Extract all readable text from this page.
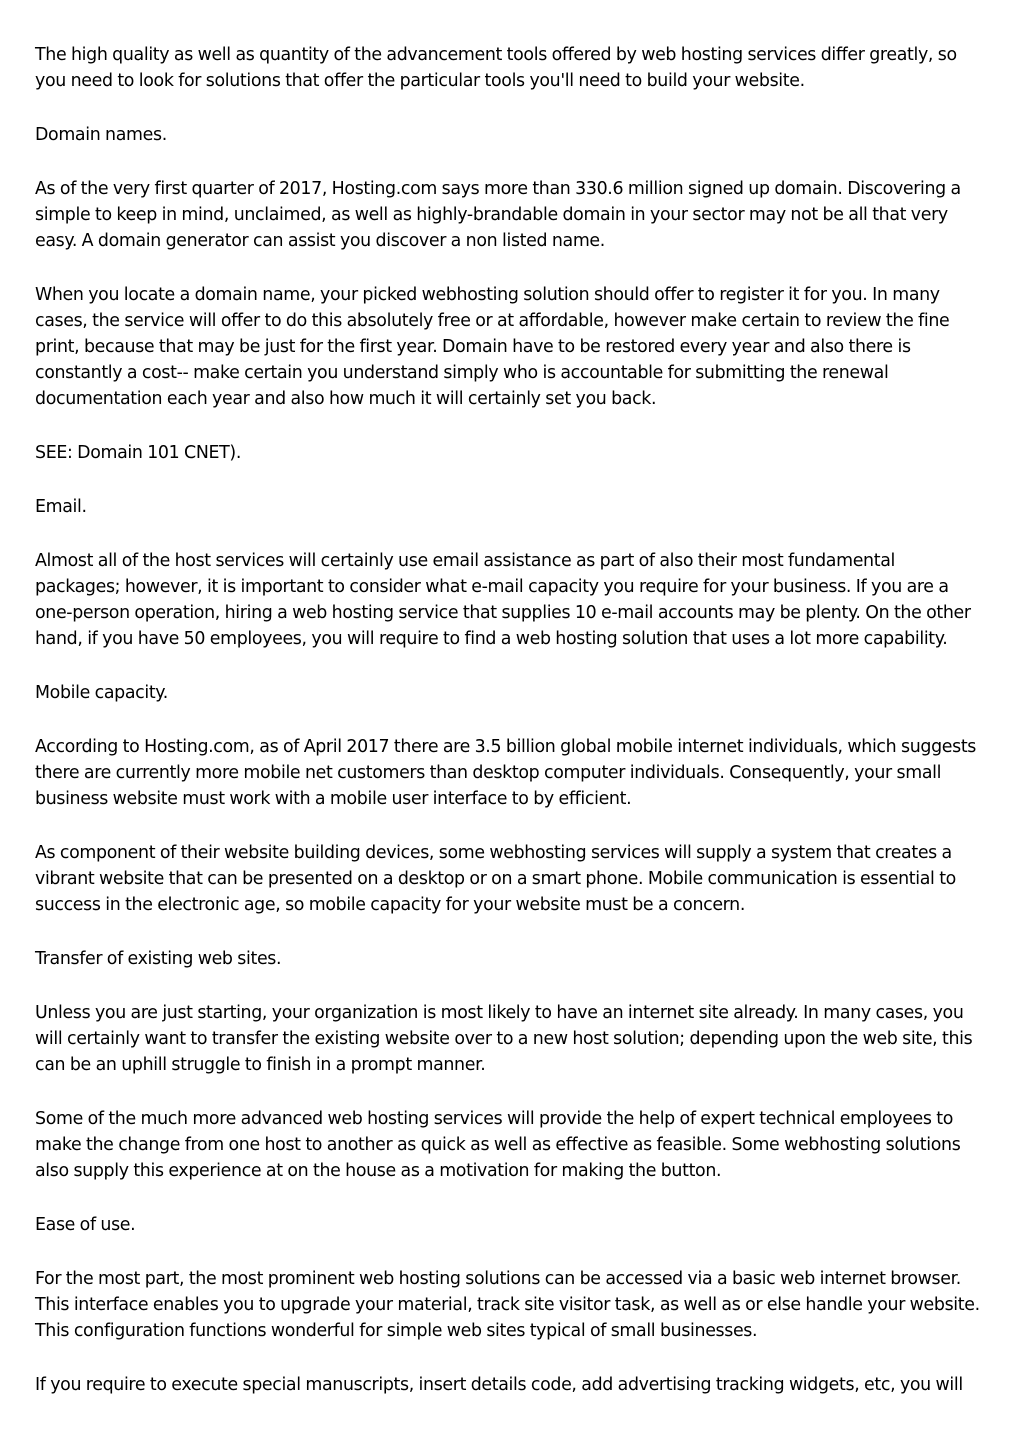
The high quality as well as quantity of the advancement tools offered by web hosting services differ greatly, so you need to look for solutions that offer the particular tools you'll need to build your website.

Domain names.

As of the very first quarter of 2017, Hosting.com says more than 330.6 million signed up domain. Discovering a simple to keep in mind, unclaimed, as well as highly-brandable domain in your sector may not be all that very easy. A domain generator can assist you discover a non listed name.

When you locate a domain name, your picked webhosting solution should offer to register it for you. In many cases, the service will offer to do this absolutely free or at affordable, however make certain to review the fine print, because that may be just for the first year. Domain have to be restored every year and also there is constantly a cost-- make certain you understand simply who is accountable for submitting the renewal documentation each year and also how much it will certainly set you back.

SEE: Domain 101 CNET).

Email.

Almost all of the host services will certainly use email assistance as part of also their most fundamental packages; however, it is important to consider what e-mail capacity you require for your business. If you are a one-person operation, hiring a web hosting service that supplies 10 e-mail accounts may be plenty. On the other hand, if you have 50 employees, you will require to find a web hosting solution that uses a lot more capability.

Mobile capacity.

According to Hosting.com, as of April 2017 there are 3.5 billion global mobile internet individuals, which suggests there are currently more mobile net customers than desktop computer individuals. Consequently, your small business website must work with a mobile user interface to by efficient.

As component of their website building devices, some webhosting services will supply a system that creates a vibrant website that can be presented on a desktop or on a smart phone. Mobile communication is essential to success in the electronic age, so mobile capacity for your website must be a concern.

Transfer of existing web sites.

Unless you are just starting, your organization is most likely to have an internet site already. In many cases, you will certainly want to transfer the existing website over to a new host solution; depending upon the web site, this can be an uphill struggle to finish in a prompt manner.

Some of the much more advanced web hosting services will provide the help of expert technical employees to make the change from one host to another as quick as well as effective as feasible. Some webhosting solutions also supply this experience at on the house as a motivation for making the button.

Ease of use.

For the most part, the most prominent web hosting solutions can be accessed via a basic web internet browser. This interface enables you to upgrade your material, track site visitor task, as well as or else handle your website. This configuration functions wonderful for simple web sites typical of small businesses.

If you require to execute special manuscripts, insert details code, add advertising tracking widgets, etc, you will
